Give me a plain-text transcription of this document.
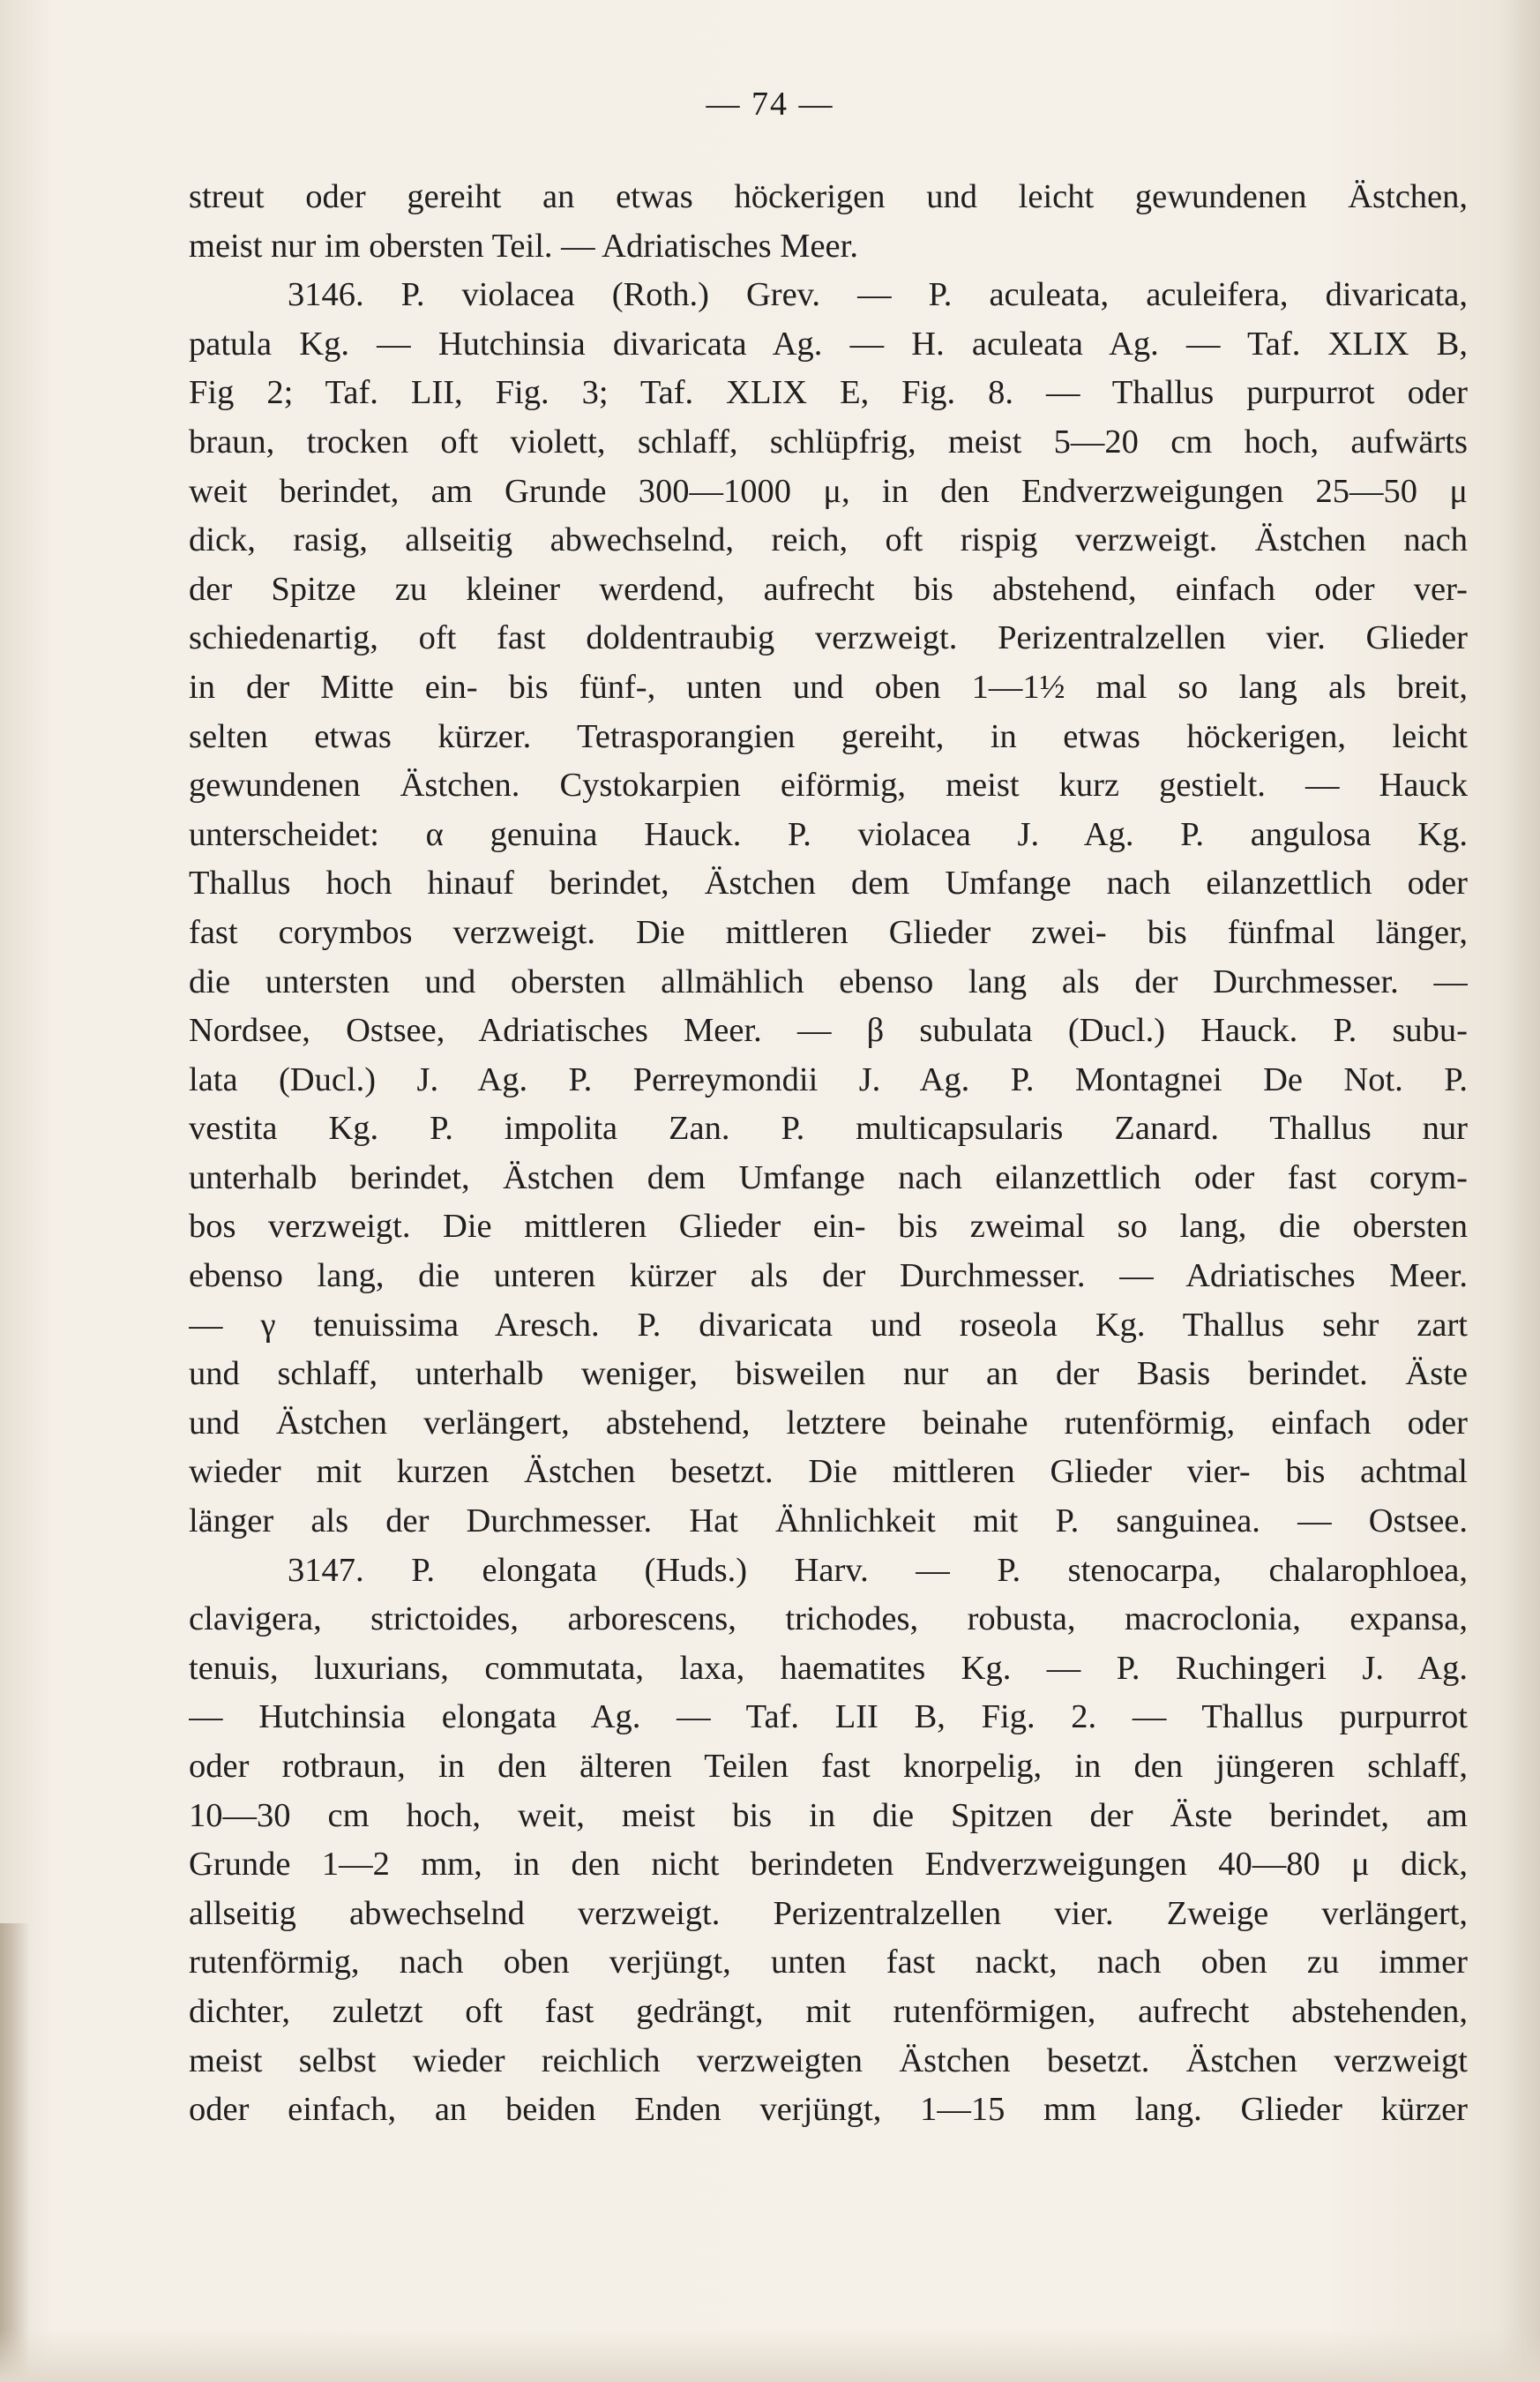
— 74 —
streut oder gereiht an etwas höckerigen und leicht gewundenen Ästchen,
meist nur im obersten Teil. — Adriatisches Meer.
3146. P. violacea (Roth.) Grev. — P. aculeata, aculeifera, divaricata,
patula Kg. — Hutchinsia divaricata Ag. — H. aculeata Ag. — Taf. XLIX B,
Fig 2; Taf. LII, Fig. 3; Taf. XLIX E, Fig. 8. — Thallus purpurrot oder
braun, trocken oft violett, schlaff, schlüpfrig, meist 5—20 cm hoch, aufwärts
weit berindet, am Grunde 300—1000 μ, in den Endverzweigungen 25—50 μ
dick, rasig, allseitig abwechselnd, reich, oft rispig verzweigt. Ästchen nach
der Spitze zu kleiner werdend, aufrecht bis abstehend, einfach oder ver-
schiedenartig, oft fast doldentraubig verzweigt. Perizentralzellen vier. Glieder
in der Mitte ein- bis fünf-, unten und oben 1—1½ mal so lang als breit,
selten etwas kürzer. Tetrasporangien gereiht, in etwas höckerigen, leicht
gewundenen Ästchen. Cystokarpien eiförmig, meist kurz gestielt. — Hauck
unterscheidet: α genuina Hauck. P. violacea J. Ag. P. angulosa Kg.
Thallus hoch hinauf berindet, Ästchen dem Umfange nach eilanzettlich oder
fast corymbos verzweigt. Die mittleren Glieder zwei- bis fünfmal länger,
die untersten und obersten allmählich ebenso lang als der Durchmesser. —
Nordsee, Ostsee, Adriatisches Meer. — β subulata (Ducl.) Hauck. P. subu-
lata (Ducl.) J. Ag. P. Perreymondii J. Ag. P. Montagnei De Not. P.
vestita Kg. P. impolita Zan. P. multicapsularis Zanard. Thallus nur
unterhalb berindet, Ästchen dem Umfange nach eilanzettlich oder fast corym-
bos verzweigt. Die mittleren Glieder ein- bis zweimal so lang, die obersten
ebenso lang, die unteren kürzer als der Durchmesser. — Adriatisches Meer.
— γ tenuissima Aresch. P. divaricata und roseola Kg. Thallus sehr zart
und schlaff, unterhalb weniger, bisweilen nur an der Basis berindet. Äste
und Ästchen verlängert, abstehend, letztere beinahe rutenförmig, einfach oder
wieder mit kurzen Ästchen besetzt. Die mittleren Glieder vier- bis achtmal
länger als der Durchmesser. Hat Ähnlichkeit mit P. sanguinea. — Ostsee.
3147. P. elongata (Huds.) Harv. — P. stenocarpa, chalarophloea,
clavigera, strictoides, arborescens, trichodes, robusta, macroclonia, expansa,
tenuis, luxurians, commutata, laxa, haematites Kg. — P. Ruchingeri J. Ag.
— Hutchinsia elongata Ag. — Taf. LII B, Fig. 2. — Thallus purpurrot
oder rotbraun, in den älteren Teilen fast knorpelig, in den jüngeren schlaff,
10—30 cm hoch, weit, meist bis in die Spitzen der Äste berindet, am
Grunde 1—2 mm, in den nicht berindeten Endverzweigungen 40—80 μ dick,
allseitig abwechselnd verzweigt. Perizentralzellen vier. Zweige verlängert,
rutenförmig, nach oben verjüngt, unten fast nackt, nach oben zu immer
dichter, zuletzt oft fast gedrängt, mit rutenförmigen, aufrecht abstehenden,
meist selbst wieder reichlich verzweigten Ästchen besetzt. Ästchen verzweigt
oder einfach, an beiden Enden verjüngt, 1—15 mm lang. Glieder kürzer
